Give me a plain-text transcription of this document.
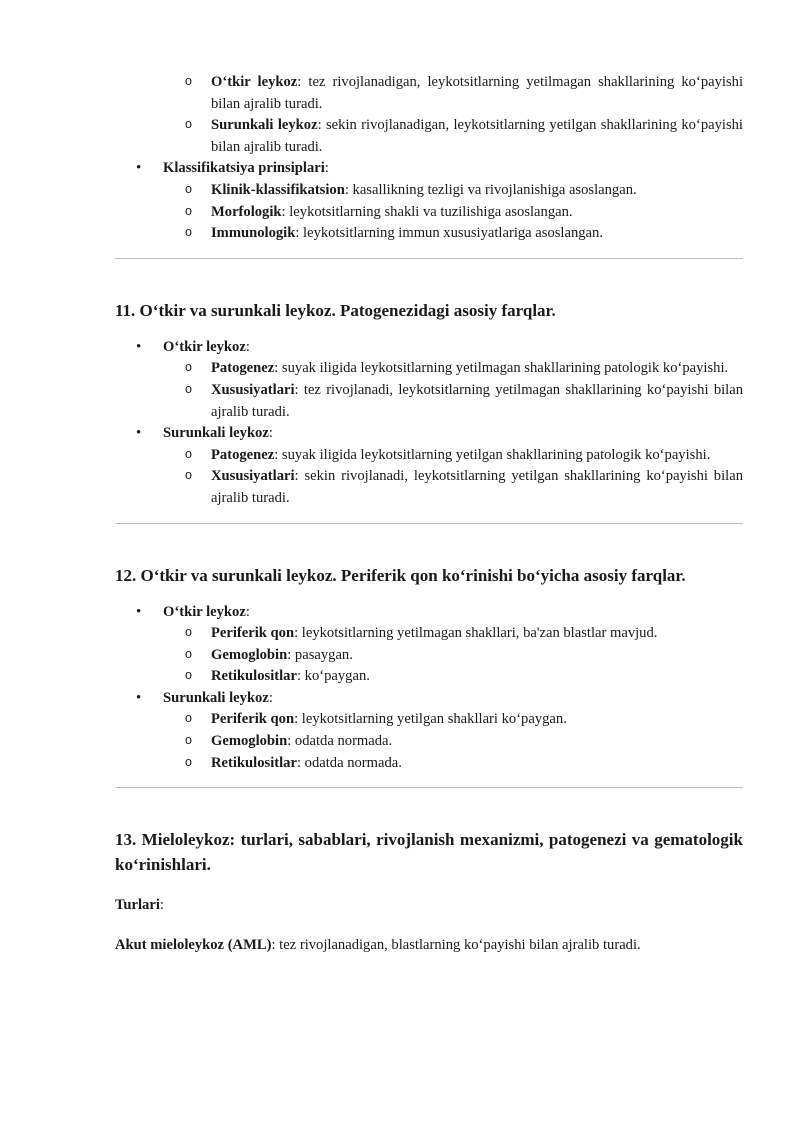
o O‘tkir leykoz: tez rivojlanadigan, leykotsitlarning yetilmagan shakllarining ko‘payishi bilan ajralib turadi.
o Surunkali leykoz: sekin rivojlanadigan, leykotsitlarning yetilgan shakllarining ko‘payishi bilan ajralib turadi.
• Klassifikatsiya prinsiplari:
o Klinik-klassifikatsion: kasallikning tezligi va rivojlanishiga asoslangan.
o Morfologik: leykotsitlarning shakli va tuzilishiga asoslangan.
o Immunologik: leykotsitlarning immun xususiyatlariga asoslangan.
11. O‘tkir va surunkali leykoz. Patogenezidagi asosiy farqlar.
• O‘tkir leykoz:
o Patogenez: suyak iligida leykotsitlarning yetilmagan shakllarining patologik ko‘payishi.
o Xususiyatlari: tez rivojlanadi, leykotsitlarning yetilmagan shakllarining ko‘payishi bilan ajralib turadi.
• Surunkali leykoz:
o Patogenez: suyak iligida leykotsitlarning yetilgan shakllarining patologik ko‘payishi.
o Xususiyatlari: sekin rivojlanadi, leykotsitlarning yetilgan shakllarining ko‘payishi bilan ajralib turadi.
12. O‘tkir va surunkali leykoz. Periferik qon ko‘rinishi bo‘yicha asosiy farqlar.
• O‘tkir leykoz:
o Periferik qon: leykotsitlarning yetilmagan shakllari, ba'zan blastlar mavjud.
o Gemoglobin: pasaygan.
o Retikulositlar: ko‘paygan.
• Surunkali leykoz:
o Periferik qon: leykotsitlarning yetilgan shakllari ko‘paygan.
o Gemoglobin: odatda normada.
o Retikulositlar: odatda normada.
13. Mieloleykoz: turlari, sabablari, rivojlanish mexanizmi, patogenezi va gematologik ko‘rinishlari.

Turlari:

Akut mieloleykoz (AML): tez rivojlanadigan, blastlarning ko‘payishi bilan ajralib turadi.
